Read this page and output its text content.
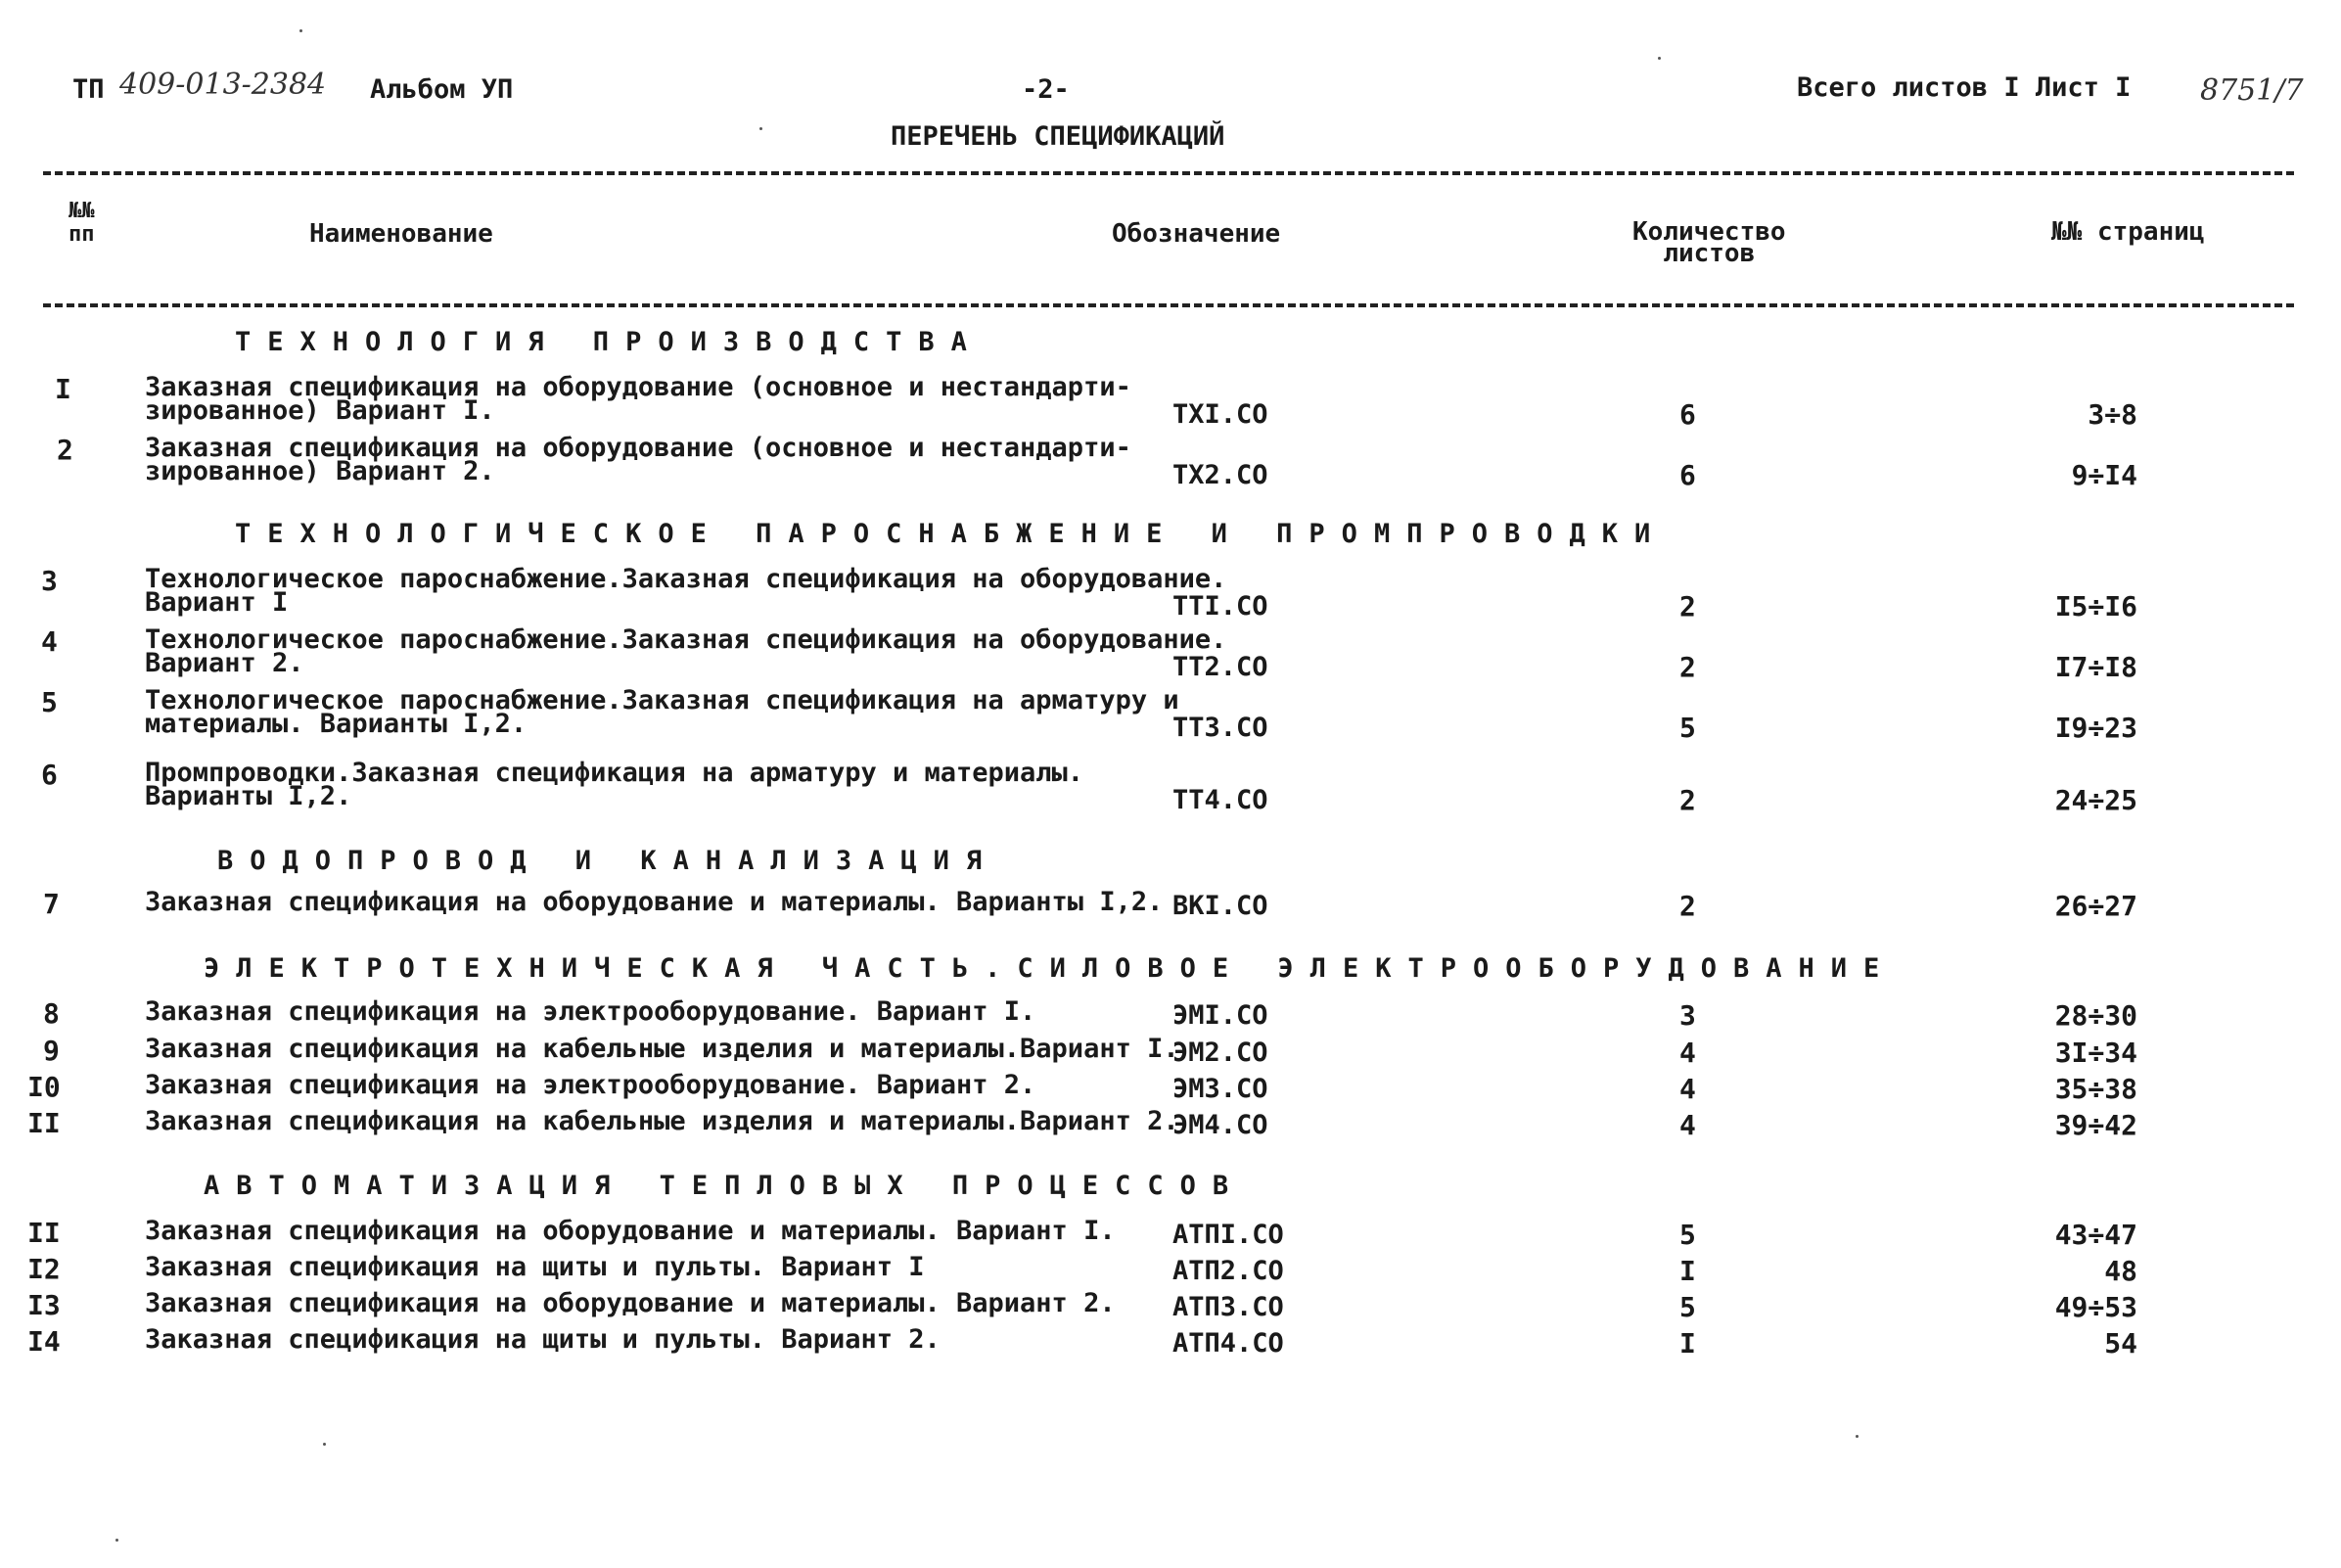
ТП 409-013-2384 Альбом УП	-2-	Всего листов I Лист I 8751/7
ПЕРЕЧЕНЬ СПЕЦИФИКАЦИЙ
№№
пп	Наименование	Обозначение	Количество
листов
№№ страниц
ТЕХНОЛОГИЯ ПРОИЗВОДСТВА
ТЕХНОЛОГИЧЕСКОЕ ПАРОСНАБЖЕНИЕ И ПРОМПРОВОДКИ
ВОДОПРОВОД И КАНАЛИЗАЦИЯ
ЭЛЕКТРОТЕХНИЧЕСКАЯ ЧАСТЬ.СИЛОВОЕ ЭЛЕКТРООБОРУДОВАНИЕ
АВТОМАТИЗАЦИЯ ТЕПЛОВЫХ ПРОЦЕССОВ
I	Заказная спецификация на оборудование (основное и нестандарти-
зированное) Вариант I.	ТХI.СО	6	3÷8
2	Заказная спецификация на оборудование (основное и нестандарти-
зированное) Вариант 2.	ТХ2.СО	6	9÷I4
3	Технологическое пароснабжение.Заказная спецификация на оборудование.
Вариант I	ТТI.СО	2	I5÷I6
4	Технологическое пароснабжение.Заказная спецификация на оборудование.
Вариант 2.	ТТ2.СО	2	I7÷I8
5	Технологическое пароснабжение.Заказная спецификация на арматуру и
материалы. Варианты I,2.	ТТ3.СО	5	I9÷23
6	Промпроводки.Заказная спецификация на арматуру и материалы.
Варианты I,2.	ТТ4.СО	2	24÷25
7	Заказная спецификация на оборудование и материалы. Варианты I,2. ВКI.СО	2	26÷27
8	Заказная спецификация на электрооборудование. Вариант I.	ЭМI.СО	3	28÷30
9	Заказная спецификация на кабельные изделия и материалы.Вариант I.
ЭМ2.СО	4	3I÷34
I0	Заказная спецификация на электрооборудование. Вариант 2.	ЭМ3.СО	4	35÷38
II	Заказная спецификация на кабельные изделия и материалы.Вариант 2.
ЭМ4.СО	4	39÷42
II	Заказная спецификация на оборудование и материалы. Вариант I. АТПI.СО	5	43÷47
I2	Заказная спецификация на щиты и пульты. Вариант I	АТП2.СО	I	48
I3	Заказная спецификация на оборудование и материалы. Вариант 2. АТП3.СО	5	49÷53
I4	Заказная спецификация на щиты и пульты. Вариант 2.	АТП4.СО	I	54
